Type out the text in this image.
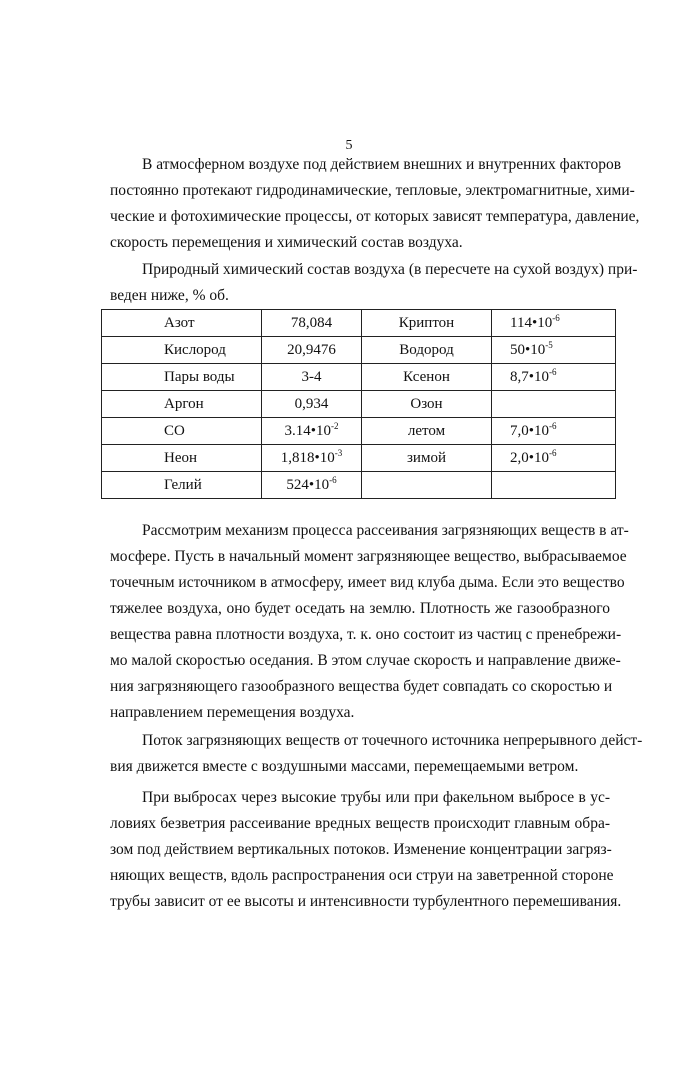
5
В атмосферном воздухе под действием внешних и внутренних факторов
постоянно протекают гидродинамические, тепловые, электромагнитные, хими-
ческие и фотохимические процессы, от которых зависят температура, давление,
скорость перемещения и химический состав воздуха.
Природный химический состав воздуха (в пересчете на сухой воздух) при-
веден ниже, % об.
Азот	78,084	Криптон	$114•10^{-6}$
Кислород	20,9476	Водород	$50•10^{-5}$
Пары воды	3-4	Ксенон	$8,7•10^{-6}$
Аргон	0,934	Озон	
СО	$3.14•10^{-2}$	летом	$7,0•10^{-6}$
Неон	$1,818•10^{-3}$	зимой	$2,0•10^{-6}$
Гелий	$524•10^{-6}$		
Рассмотрим механизм процесса рассеивания загрязняющих веществ в ат-
мосфере. Пусть в начальный момент загрязняющее вещество, выбрасываемое
точечным источником в атмосферу, имеет вид клуба дыма. Если это вещество
тяжелее воздуха, оно будет оседать на землю. Плотность же газообразного
вещества равна плотности воздуха, т. к. оно состоит из частиц с пренебрежи-
мо малой скоростью оседания. В этом случае скорость и направление движе-
ния загрязняющего газообразного вещества будет совпадать со скоростью и
направлением перемещения воздуха.
Поток загрязняющих веществ от точечного источника непрерывного дейст-
вия движется вместе с воздушными массами, перемещаемыми ветром.
При выбросах через высокие трубы или при факельном выбросе в ус-
ловиях безветрия рассеивание вредных веществ происходит главным обра-
зом под действием вертикальных потоков. Изменение концентрации загряз-
няющих веществ, вдоль распространения оси струи на заветренной стороне
трубы зависит от ее высоты и интенсивности турбулентного перемешивания.
